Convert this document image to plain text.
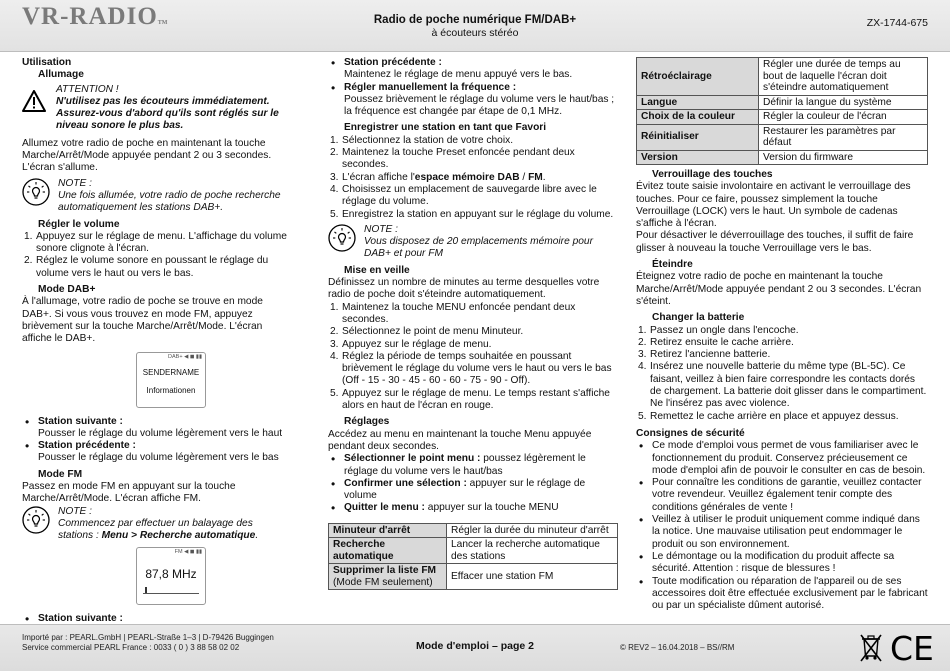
VR-RADIOTM	Radio de poche numérique FM/DAB+
à écouteurs stéréo
ZX-1744-675
Utilisation
Allumage
ATTENTION !
N'utilisez pas les écouteurs immédiatement. Assurez-vous d'abord qu'ils sont réglés sur le niveau sonore le plus bas.

Allumez votre radio de poche en maintenant la touche Marche/Arrêt/Mode appuyée pendant 2 ou 3 secondes. L'écran s'allume.

NOTE :
Une fois allumée, votre radio de poche recherche automatiquement les stations DAB+.
Régler le volume
Appuyez sur le réglage de menu. L'affichage du volume sonore clignote à l'écran.
Réglez le volume sonore en poussant le réglage du volume vers le haut ou vers le bas.
Mode DAB+

À l'allumage, votre radio de poche se trouve en mode DAB+. Si vous vous trouvez en mode FM, appuyez brièvement sur la touche Marche/Arrêt/Mode. L'écran affiche le DAB+.

DAB+ ◀ ◼ ▮▮
SENDERNAME
Informationen
• Station suivante :
Pousser le réglage du volume légèrement vers le haut
• Station précédente :
Pousser le réglage du volume légèrement vers le bas
Mode FM

Passez en mode FM en appuyant sur la touche Marche/Arrêt/Mode. L'écran affiche FM.

NOTE :
Commencez par effectuer un balayage des stations : Menu > Recherche automatique.
FM ◀ ◼ ▮▮
87,8 MHz
• Station suivante :
• Station précédente :
Maintenez le réglage de menu appuyé vers le bas.
• Régler manuellement la fréquence :
Poussez brièvement le réglage du volume vers le haut/bas ; la fréquence est changée par étape de 0,1 MHz.
Enregistrer une station en tant que Favori
Sélectionnez la station de votre choix.
Maintenez la touche Preset enfoncée pendant deux secondes.
L'écran affiche l'espace mémoire DAB / FM.
Choisissez un emplacement de sauvegarde libre avec le réglage du volume.
Enregistrez la station en appuyant sur le réglage du volume.
NOTE :
Vous disposez de 20 emplacements mémoire pour DAB+ et pour FM
Mise en veille

Définissez un nombre de minutes au terme desquelles votre radio de poche doit s'éteindre automatiquement.

Maintenez la touche MENU enfoncée pendant deux secondes.
Sélectionnez le point de menu Minuteur.
Appuyez sur le réglage de menu.
Réglez la période de temps souhaitée en poussant brièvement le réglage du volume vers le haut ou vers le bas (Off - 15 - 30 - 45 - 60 - 60 - 75 - 90 - Off).
Appuyez sur le réglage de menu. Le temps restant s'affiche alors en haut de l'écran en rouge.
Réglages

Accédez au menu en maintenant la touche Menu appuyée pendant deux secondes.

• Sélectionner le point menu : poussez légèrement le réglage du volume vers le haut/bas
• Confirmer une sélection : appuyer sur le réglage de volume
• Quitter le menu : appuyer sur la touche MENU
Minuteur d'arrêt	Régler la durée du minuteur d'arrêt
Recherche automatique	Lancer la recherche automatique des stations

Supprimer la liste FM
(Mode FM seulement)	Effacer une station FM
Rétroéclairage	Régler une durée de temps au bout de laquelle l'écran doit s'éteindre automatiquement
Langue	Définir la langue du système
Choix de la couleur	Régler la couleur de l'écran
Réinitialiser	Restaurer les paramètres par défaut
Version	Version du firmware
Verrouillage des touches

Évitez toute saisie involontaire en activant le verrouillage des touches. Pour ce faire, poussez simplement la touche Verrouillage (LOCK) vers le haut. Un symbole de cadenas s'affiche à l'écran.

Pour désactiver le déverrouillage des touches, il suffit de faire glisser à nouveau la touche Verrouillage vers le bas.

Éteindre

Éteignez votre radio de poche en maintenant la touche Marche/Arrêt/Mode appuyée pendant 2 ou 3 secondes. L'écran s'éteint.

Changer la batterie
Passez un ongle dans l'encoche.
Retirez ensuite le cache arrière.
Retirez l'ancienne batterie.
Insérez une nouvelle batterie du même type (BL-5C). Ce faisant, veillez à bien faire correspondre les contacts dorés de chargement. La batterie doit glisser dans le compartiment. Ne l'insérez pas avec violence.
Remettez le cache arrière en place et appuyez dessus.
Consignes de sécurité
• Ce mode d'emploi vous permet de vous familiariser avec le fonctionnement du produit. Conservez précieusement ce mode d'emploi afin de pouvoir le consulter en cas de besoin.
• Pour connaître les conditions de garantie, veuillez contacter votre revendeur. Veuillez également tenir compte des conditions générales de vente !
• Veillez à utiliser le produit uniquement comme indiqué dans la notice. Une mauvaise utilisation peut endommager le produit ou son environnement.
• Le démontage ou la modification du produit affecte sa sécurité. Attention : risque de blessures !
• Toute modification ou réparation de l'appareil ou de ses accessoires doit être effectuée exclusivement par le fabricant ou par un spécialiste dûment autorisé.
Importé par : PEARL.GmbH | PEARL-Straße 1–3 | D-79426 Buggingen
Service commercial PEARL France : 0033 ( 0 ) 3 88 58 02 02	Mode d'emploi – page 2	© REV2 – 16.04.2018 – BS//RM	CE
